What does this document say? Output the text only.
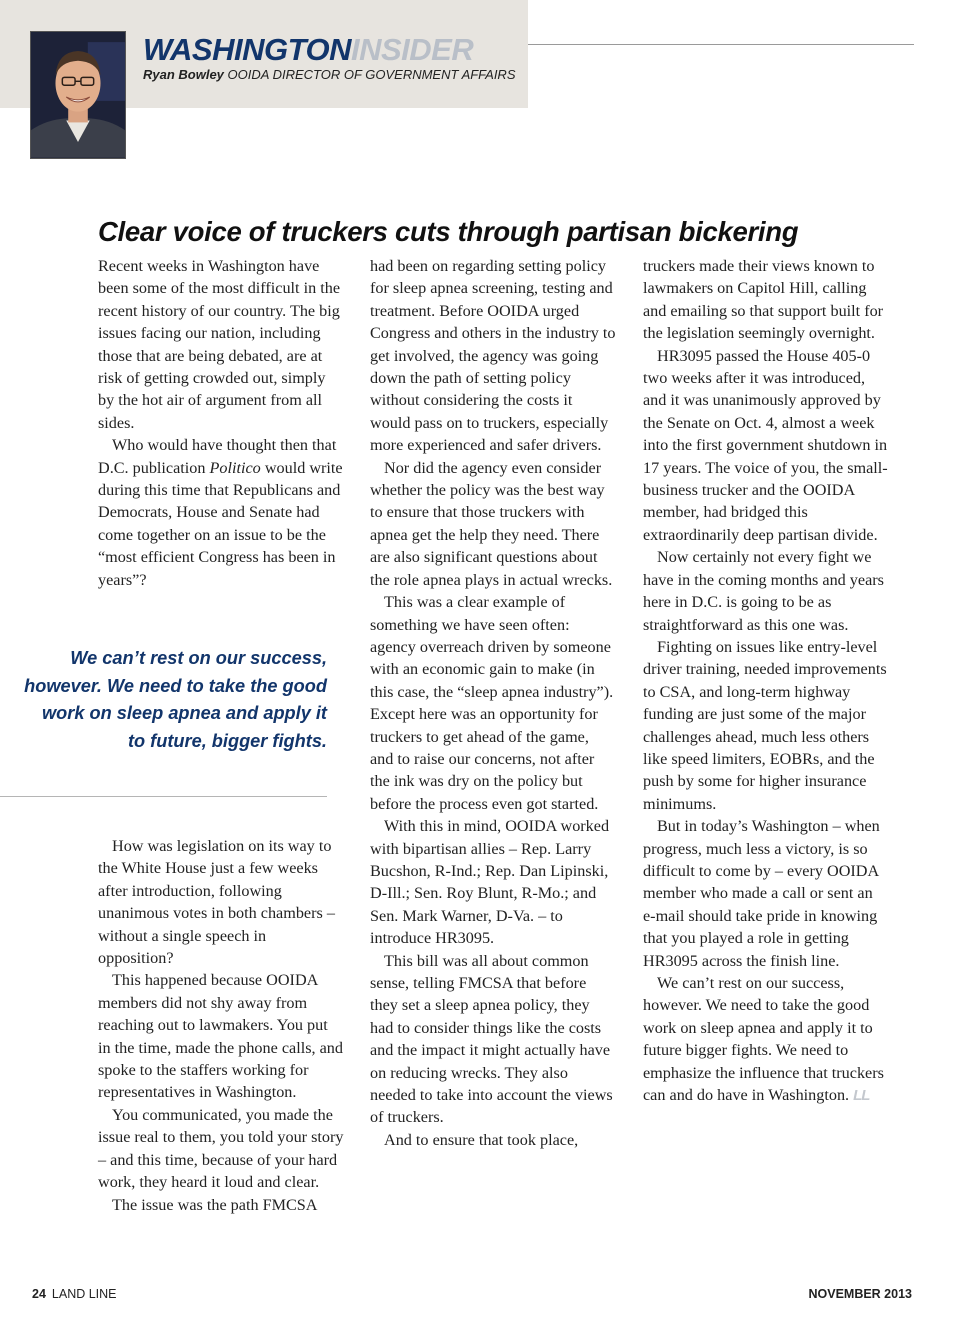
WASHINGTONINSIDER
Ryan Bowley OOIDA DIRECTOR OF GOVERNMENT AFFAIRS
Clear voice of truckers cuts through partisan bickering

Recent weeks in Washington have been some of the most difficult in the recent history of our country. The big issues facing our nation, including those that are being debated, are at risk of getting crowded out, simply by the hot air of argument from all sides.

Who would have thought then that D.C. publication Politico would write during this time that Republicans and Democrats, House and Senate had come together on an issue to be the “most efficient Congress has been in years”?

We can’t rest on our success, however. We need to take the good work on sleep apnea and apply it to future, bigger fights.

How was legislation on its way to the White House just a few weeks after introduction, following unanimous votes in both chambers – without a single speech in opposition?

This happened because OOIDA members did not shy away from reaching out to lawmakers. You put in the time, made the phone calls, and spoke to the staffers working for representatives in Washington.

You communicated, you made the issue real to them, you told your story – and this time, because of your hard work, they heard it loud and clear.

The issue was the path FMCSA

had been on regarding setting policy for sleep apnea screening, testing and treatment. Before OOIDA urged Congress and others in the industry to get involved, the agency was going down the path of setting policy without considering the costs it would pass on to truckers, especially more experienced and safer drivers.

Nor did the agency even consider whether the policy was the best way to ensure that those truckers with apnea get the help they need. There are also significant questions about the role apnea plays in actual wrecks.

This was a clear example of something we have seen often: agency overreach driven by someone with an economic gain to make (in this case, the “sleep apnea industry”). Except here was an opportunity for truckers to get ahead of the game, and to raise our concerns, not after the ink was dry on the policy but before the process even got started.

With this in mind, OOIDA worked with bipartisan allies – Rep. Larry Bucshon, R-Ind.; Rep. Dan Lipinski, D-Ill.; Sen. Roy Blunt, R-Mo.; and Sen. Mark Warner, D-Va. – to introduce HR3095.

This bill was all about common sense, telling FMCSA that before they set a sleep apnea policy, they had to consider things like the costs and the impact it might actually have on reducing wrecks. They also needed to take into account the views of truckers.

And to ensure that took place,

truckers made their views known to lawmakers on Capitol Hill, calling and emailing so that support built for the legislation seemingly overnight.

HR3095 passed the House 405-0 two weeks after it was introduced, and it was unanimously approved by the Senate on Oct. 4, almost a week into the first government shutdown in 17 years. The voice of you, the small-business trucker and the OOIDA member, had bridged this extraordinarily deep partisan divide.

Now certainly not every fight we have in the coming months and years here in D.C. is going to be as straightforward as this one was.

Fighting on issues like entry-level driver training, needed improvements to CSA, and long-term highway funding are just some of the major challenges ahead, much less others like speed limiters, EOBRs, and the push by some for higher insurance minimums.

But in today’s Washington – when progress, much less a victory, is so difficult to come by – every OOIDA member who made a call or sent an e-mail should take pride in knowing that you played a role in getting HR3095 across the finish line.

We can’t rest on our success, however. We need to take the good work on sleep apnea and apply it to future bigger fights. We need to emphasize the influence that truckers can and do have in Washington. LL

24 LAND LINE	NOVEMBER 2013
